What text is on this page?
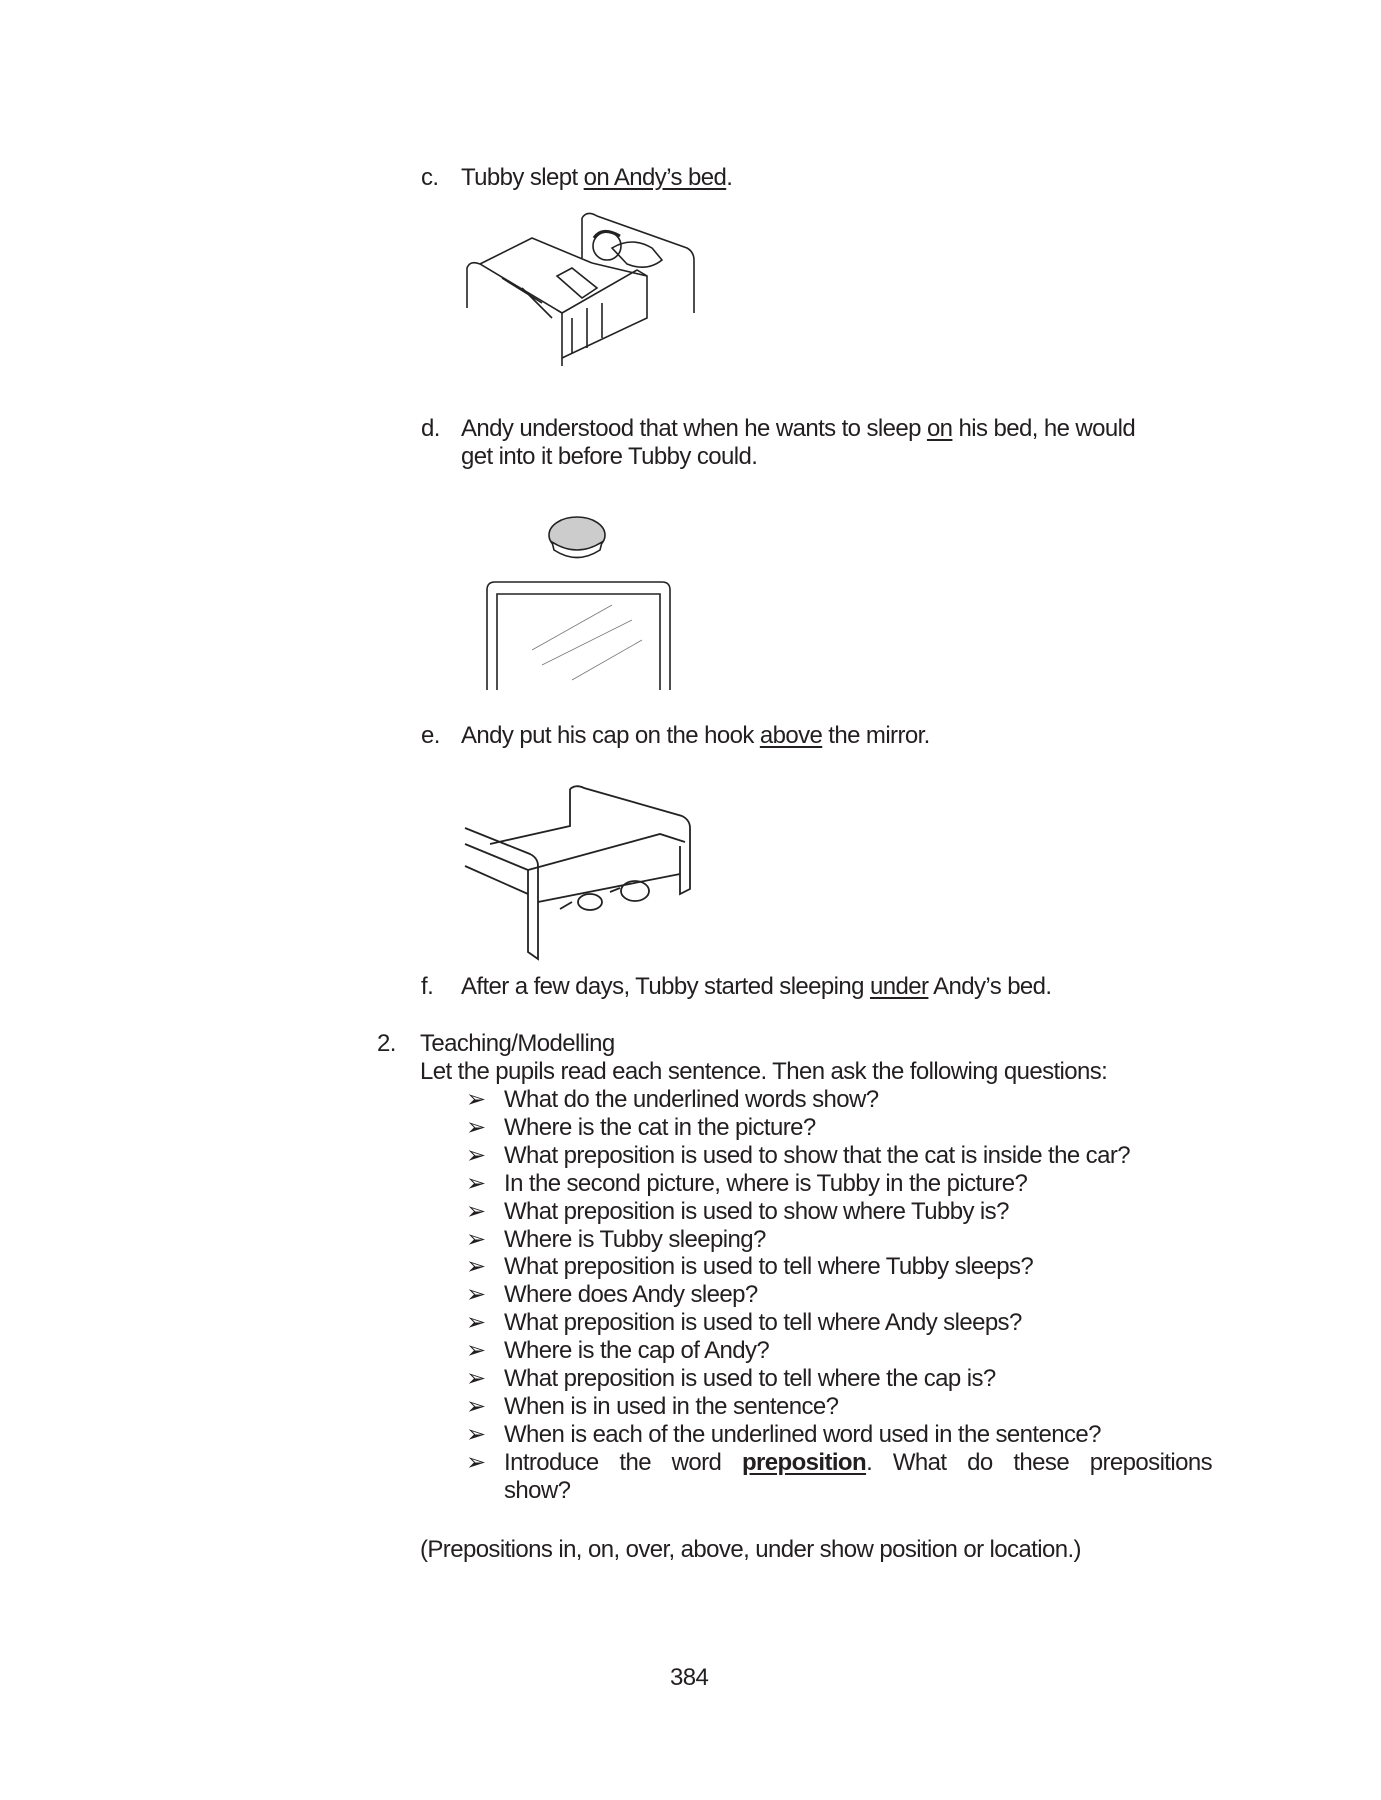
c. Tubby slept on Andy’s bed.
d. Andy understood that when he wants to sleep on his bed, he would
get into it before Tubby could.
e. Andy put his cap on the hook above the mirror.
f. After a few days, Tubby started sleeping under Andy’s bed.
2. Teaching/Modelling
Let the pupils read each sentence. Then ask the following questions:
➢ What do the underlined words show?
➢ Where is the cat in the picture?
➢ What preposition is used to show that the cat is inside the car?
➢ In the second picture, where is Tubby in the picture?
➢ What preposition is used to show where Tubby is?
➢ Where is Tubby sleeping?
➢ What preposition is used to tell where Tubby sleeps?
➢ Where does Andy sleep?
➢ What preposition is used to tell where Andy sleeps?
➢ Where is the cap of Andy?
➢ What preposition is used to tell where the cap is?
➢ When is in used in the sentence?
➢ When is each of the underlined word used in the sentence?
➢ Introduce the word preposition. What do these prepositions
show?
(Prepositions in, on, over, above, under show position or location.)
384
